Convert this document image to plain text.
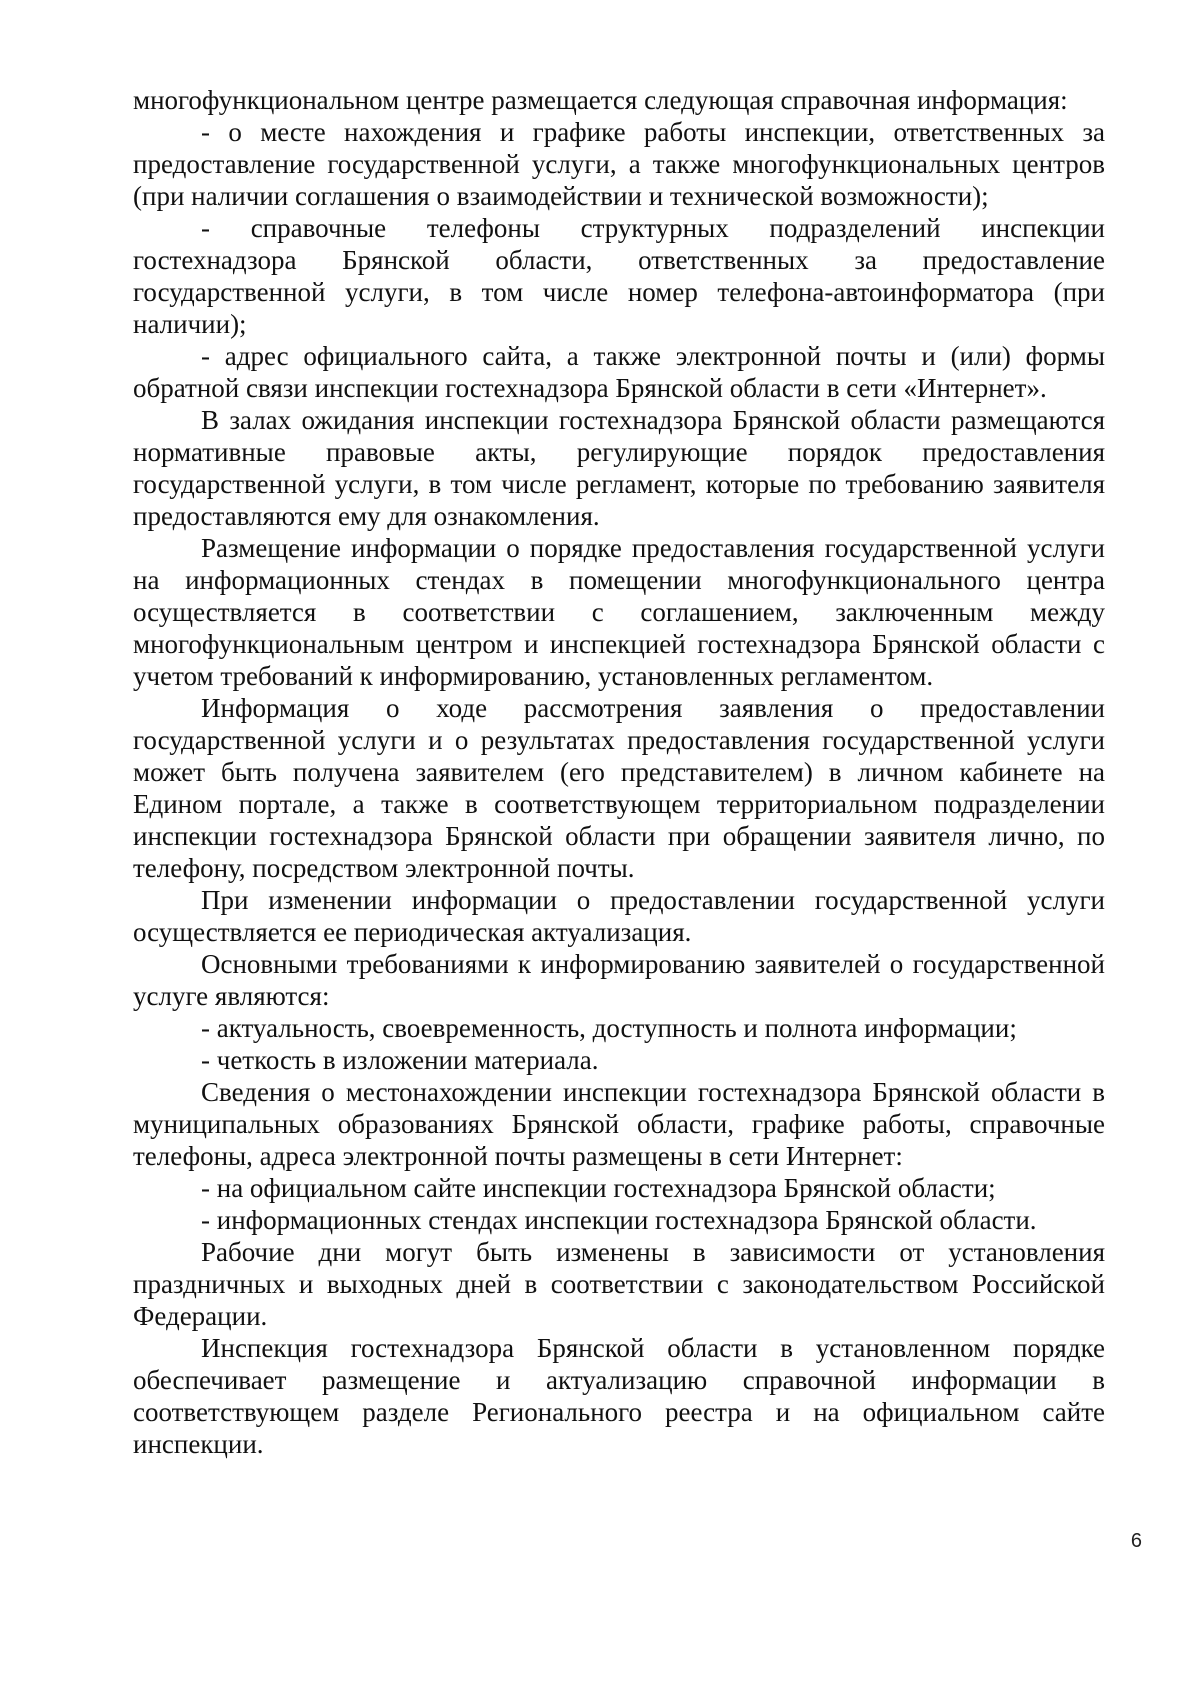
многофункциональном центре размещается следующая справочная информация:

- о месте нахождения и графике работы инспекции, ответственных за предоставление государственной услуги, а также многофункциональных центров (при наличии соглашения о взаимодействии и технической возможности);

- справочные телефоны структурных подразделений инспекции гостехнадзора Брянской области, ответственных за предоставление государственной услуги, в том числе номер телефона-автоинформатора (при наличии);

- адрес официального сайта, а также электронной почты и (или) формы обратной связи инспекции гостехнадзора Брянской области в сети «Интернет».

В залах ожидания инспекции гостехнадзора Брянской области размещаются нормативные правовые акты, регулирующие порядок предоставления государственной услуги, в том числе регламент, которые по требованию заявителя предоставляются ему для ознакомления.

Размещение информации о порядке предоставления государственной услуги на информационных стендах в помещении многофункционального центра осуществляется в соответствии с соглашением, заключенным между многофункциональным центром и инспекцией гостехнадзора Брянской области с учетом требований к информированию, установленных регламентом.

Информация о ходе рассмотрения заявления о предоставлении государственной услуги и о результатах предоставления государственной услуги может быть получена заявителем (его представителем) в личном кабинете на Едином портале, а также в соответствующем территориальном подразделении инспекции гостехнадзора Брянской области при обращении заявителя лично, по телефону, посредством электронной почты.

При изменении информации о предоставлении государственной услуги осуществляется ее периодическая актуализация.

Основными требованиями к информированию заявителей о государственной услуге являются:

- актуальность, своевременность, доступность и полнота информации;

- четкость в изложении материала.

Сведения о местонахождении инспекции гостехнадзора Брянской области в муниципальных образованиях Брянской области, графике работы, справочные телефоны, адреса электронной почты размещены в сети Интернет:

- на официальном сайте инспекции гостехнадзора Брянской области;

- информационных стендах инспекции гостехнадзора Брянской области.

Рабочие дни могут быть изменены в зависимости от установления праздничных и выходных дней в соответствии с законодательством Российской Федерации.

Инспекция гостехнадзора Брянской области в установленном порядке обеспечивает размещение и актуализацию справочной информации в соответствующем разделе Регионального реестра и на официальном сайте инспекции.

6
